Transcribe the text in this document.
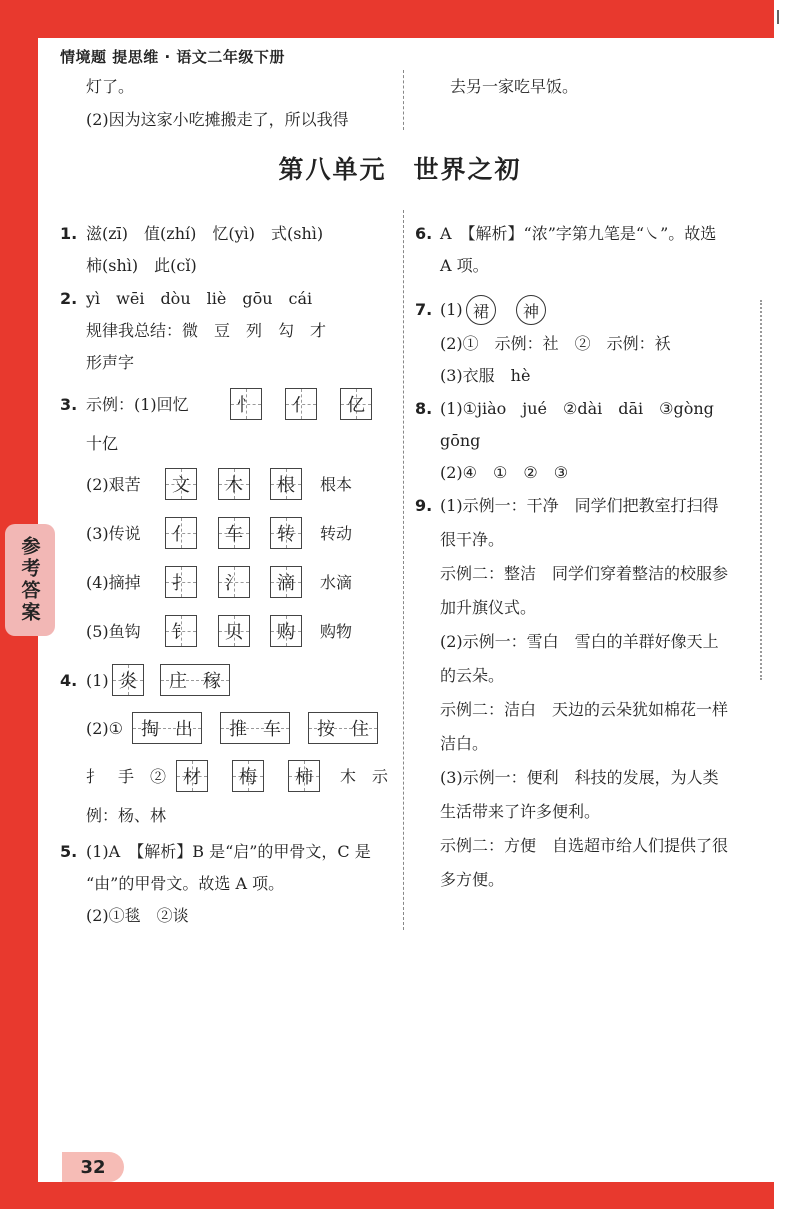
情境题 提思维 · 语文二年级下册
灯了。
(2)因为这家小吃摊搬走了，所以我得
去另一家吃早饭。
第八单元　世界之初
1. 滋(zī)　值(zhí)　忆(yì)　式(shì)
柿(shì)　此(cǐ)
2. yì　wēi　dòu　liè　gōu　cái
规律我总结：微　豆　列　勾　才
形声字
3. 示例：(1)回忆	忄 亻 亿
十亿
(2)艰苦 文 木 根 根本
(3)传说 亻 车 转 转动
(4)摘掉 扌 氵 滴 水滴
(5)鱼钩 钅 贝 购 购物
4. (1) 炎 庄 稼
(2)① 掏 出 推 车 按 住
扌　手　② 材 梅 柿 木　示
例：杨、林
5. (1)A　【解析】B 是“启”的甲骨文，C 是
“由”的甲骨文。故选 A 项。
(2)①毯　②谈
6. A　【解析】“浓”字第九笔是“㇏”。故选
A 项。
7. (1) 裙	神
(2)①　示例：社　②　示例：袄
(3)衣服　hè
8. (1)①jiào　jué　②dài　dāi　③gòng
gōng
(2)④　①　②　③
9. (1)示例一：干净　同学们把教室打扫得
很干净。
示例二：整洁　同学们穿着整洁的校服参
加升旗仪式。
(2)示例一：雪白　雪白的羊群好像天上
的云朵。
示例二：洁白　天边的云朵犹如棉花一样
洁白。
(3)示例一：便利　科技的发展，为人类
生活带来了许多便利。
示例二：方便　自选超市给人们提供了很
多方便。
参考答案
32
